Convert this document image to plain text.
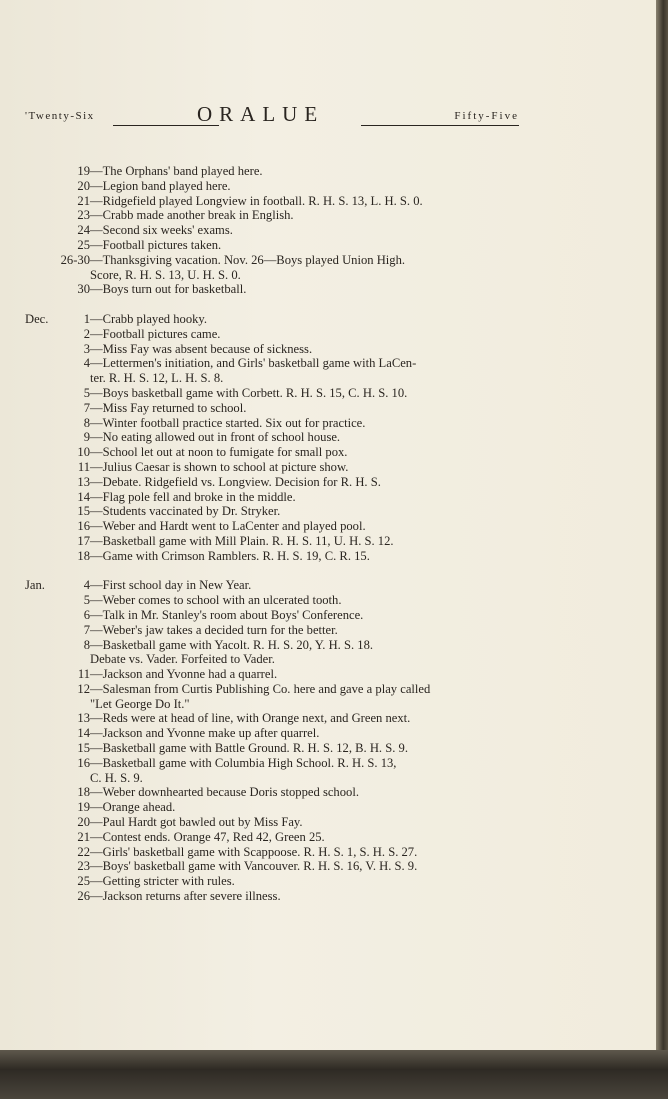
'Twenty-Six	ORALUE	Fifty-Five
19 —The Orphans' band played here.
20 —Legion band played here.
21 —Ridgefield played Longview in football. R. H. S. 13, L. H. S. 0.
23 —Crabb made another break in English.
24 —Second six weeks' exams.
25 —Football pictures taken.
26-30 —Thanksgiving vacation. Nov. 26—Boys played Union High.
Score, R. H. S. 13, U. H. S. 0.
30 —Boys turn out for basketball.
Dec.	1 —Crabb played hooky.
2 —Football pictures came.
3 —Miss Fay was absent because of sickness.
4 —Lettermen's initiation, and Girls' basketball game with LaCen-
ter. R. H. S. 12, L. H. S. 8.
5 —Boys basketball game with Corbett. R. H. S. 15, C. H. S. 10.
7 —Miss Fay returned to school.
8 —Winter football practice started. Six out for practice.
9 —No eating allowed out in front of school house.
10 —School let out at noon to fumigate for small pox.
11 —Julius Caesar is shown to school at picture show.
13 —Debate. Ridgefield vs. Longview. Decision for R. H. S.
14 —Flag pole fell and broke in the middle.
15 —Students vaccinated by Dr. Stryker.
16 —Weber and Hardt went to LaCenter and played pool.
17 —Basketball game with Mill Plain. R. H. S. 11, U. H. S. 12.
18 —Game with Crimson Ramblers. R. H. S. 19, C. R. 15.
Jan.	4 —First school day in New Year.
5 —Weber comes to school with an ulcerated tooth.
6 —Talk in Mr. Stanley's room about Boys' Conference.
7 —Weber's jaw takes a decided turn for the better.
8 —Basketball game with Yacolt. R. H. S. 20, Y. H. S. 18.
Debate vs. Vader. Forfeited to Vader.
11 —Jackson and Yvonne had a quarrel.
12 —Salesman from Curtis Publishing Co. here and gave a play called
"Let George Do It."
13 —Reds were at head of line, with Orange next, and Green next.
14 —Jackson and Yvonne make up after quarrel.
15 —Basketball game with Battle Ground. R. H. S. 12, B. H. S. 9.
16 —Basketball game with Columbia High School. R. H. S. 13,
C. H. S. 9.
18 —Weber downhearted because Doris stopped school.
19 —Orange ahead.
20 —Paul Hardt got bawled out by Miss Fay.
21 —Contest ends. Orange 47, Red 42, Green 25.
22 —Girls' basketball game with Scappoose. R. H. S. 1, S. H. S. 27.
23 —Boys' basketball game with Vancouver. R. H. S. 16, V. H. S. 9.
25 —Getting stricter with rules.
26 —Jackson returns after severe illness.
